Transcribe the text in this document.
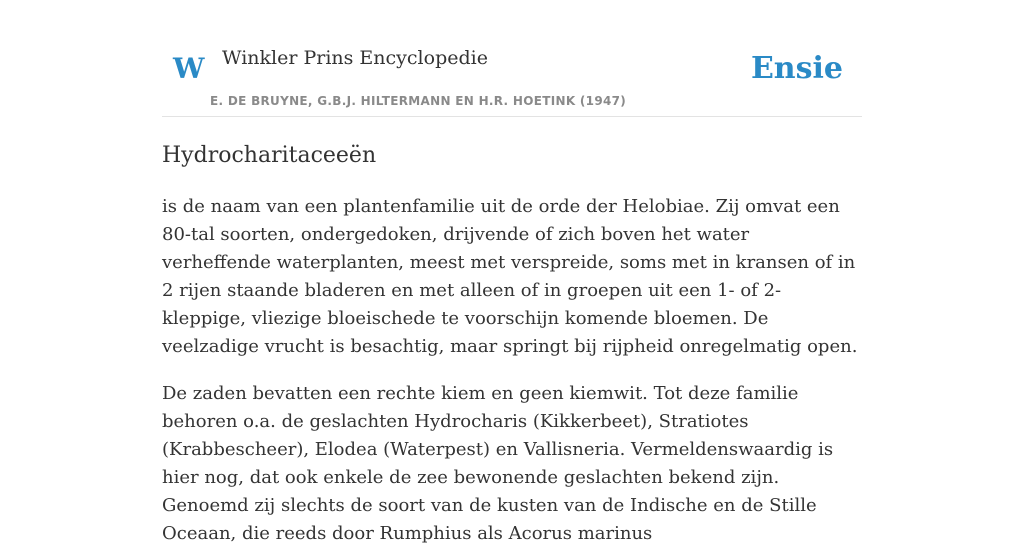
W Winkler Prins Encyclopedie
E. DE BRUYNE, G.B.J. HILTERMANN EN H.R. HOETINK (1947)
Ensie
Hydrocharitaceeën

is de naam van een plantenfamilie uit de orde der Helobiae. Zij omvat een 80-tal soorten, ondergedoken, drijvende of zich boven het water verheffende waterplanten, meest met verspreide, soms met in kransen of in 2 rijen staande bladeren en met alleen of in groepen uit een 1- of 2-kleppige, vliezige bloeischede te voorschijn komende bloemen. De veelzadige vrucht is besachtig, maar springt bij rijpheid onregelmatig open.

De zaden bevatten een rechte kiem en geen kiemwit. Tot deze familie behoren o.a. de geslachten Hydrocharis (Kikkerbeet), Stratiotes (Krabbescheer), Elodea (Waterpest) en Vallisneria. Vermeldenswaardig is hier nog, dat ook enkele de zee bewonende geslachten bekend zijn. Genoemd zij slechts de soort van de kusten van de Indische en de Stille Oceaan, die reeds door Rumphius als Acorus marinus
